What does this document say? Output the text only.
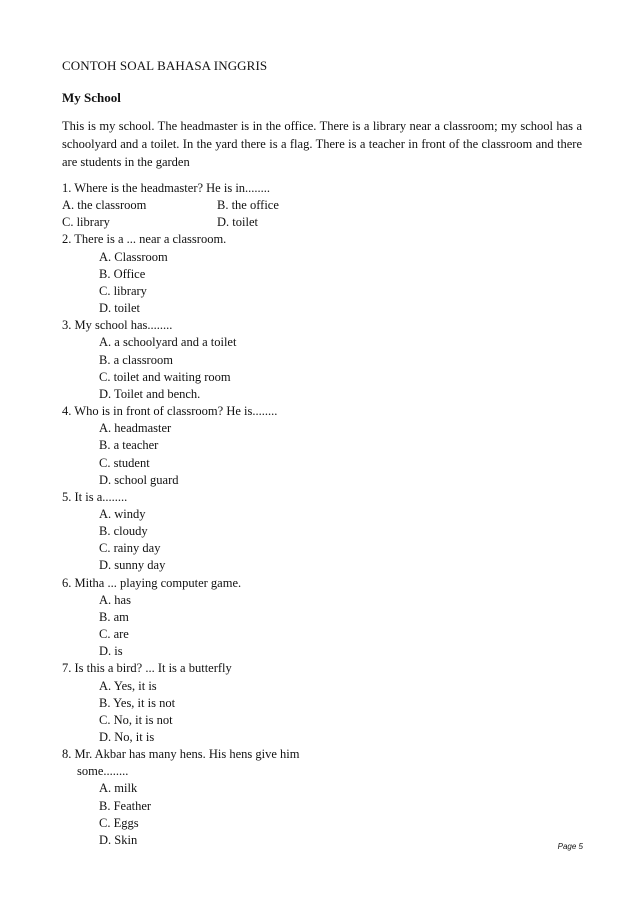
CONTOH SOAL BAHASA INGGRIS
My School
This is my school. The headmaster is in the office. There is a library near a classroom; my school has a schoolyard and a toilet. In the yard there is a flag. There is a teacher in front of the classroom and there are students in the garden
1. Where is the headmaster? He is in........
A. the classroom	B. the office
C. library	D. toilet
2. There is a ... near a classroom.
A. Classroom
B. Office
C. library
D. toilet
3. My school has........
A. a schoolyard and a toilet
B. a classroom
C. toilet and waiting room
D. Toilet and bench.
4. Who is in front of classroom? He is........
A. headmaster
B. a teacher
C. student
D. school guard
5. It is a........
A. windy
B. cloudy
C. rainy day
D. sunny day
6. Mitha ... playing computer game.
A. has
B. am
C. are
D. is
7. Is this a bird? ... It is a butterfly
A. Yes, it is
B. Yes, it is not
C. No, it is not
D. No, it is
8. Mr. Akbar has many hens. His hens give him
some........
A. milk
B. Feather
C. Eggs
D. Skin	Page 5
